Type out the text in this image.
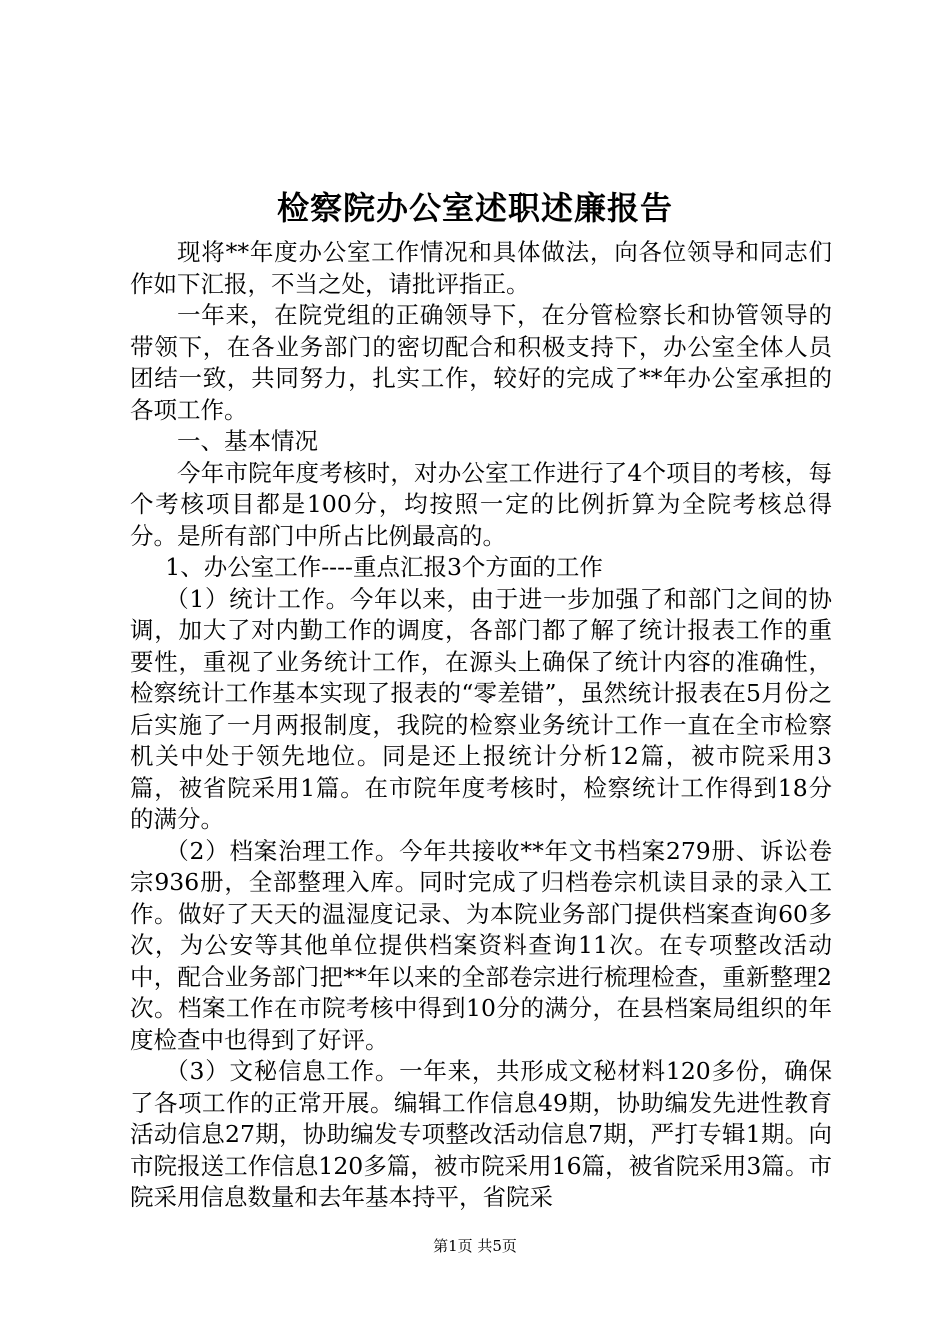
检察院办公室述职述廉报告

现将**年度办公室工作情况和具体做法，向各位领导和同志们作如下汇报，不当之处，请批评指正。

一年来，在院党组的正确领导下，在分管检察长和协管领导的带领下，在各业务部门的密切配合和积极支持下，办公室全体人员团结一致，共同努力，扎实工作，较好的完成了**年办公室承担的各项工作。

一、基本情况

今年市院年度考核时，对办公室工作进行了4个项目的考核，每个考核项目都是100分，均按照一定的比例折算为全院考核总得分。是所有部门中所占比例最高的。

1、办公室工作----重点汇报3个方面的工作

（1）统计工作。今年以来，由于进一步加强了和部门之间的协调，加大了对内勤工作的调度，各部门都了解了统计报表工作的重要性，重视了业务统计工作，在源头上确保了统计内容的准确性，检察统计工作基本实现了报表的“零差错”，虽然统计报表在5月份之后实施了一月两报制度，我院的检察业务统计工作一直在全市检察机关中处于领先地位。同是还上报统计分析12篇，被市院采用3篇，被省院采用1篇。在市院年度考核时，检察统计工作得到18分的满分。

（2）档案治理工作。今年共接收**年文书档案279册、诉讼卷宗936册，全部整理入库。同时完成了归档卷宗机读目录的录入工作。做好了天天的温湿度记录、为本院业务部门提供档案查询60多次，为公安等其他单位提供档案资料查询11次。在专项整改活动中，配合业务部门把**年以来的全部卷宗进行梳理检查，重新整理2次。档案工作在市院考核中得到10分的满分，在县档案局组织的年度检查中也得到了好评。

（3）文秘信息工作。一年来，共形成文秘材料120多份，确保了各项工作的正常开展。编辑工作信息49期，协助编发先进性教育活动信息27期，协助编发专项整改活动信息7期，严打专辑1期。向市院报送工作信息120多篇，被市院采用16篇，被省院采用3篇。市院采用信息数量和去年基本持平，省院采

第1页 共5页
